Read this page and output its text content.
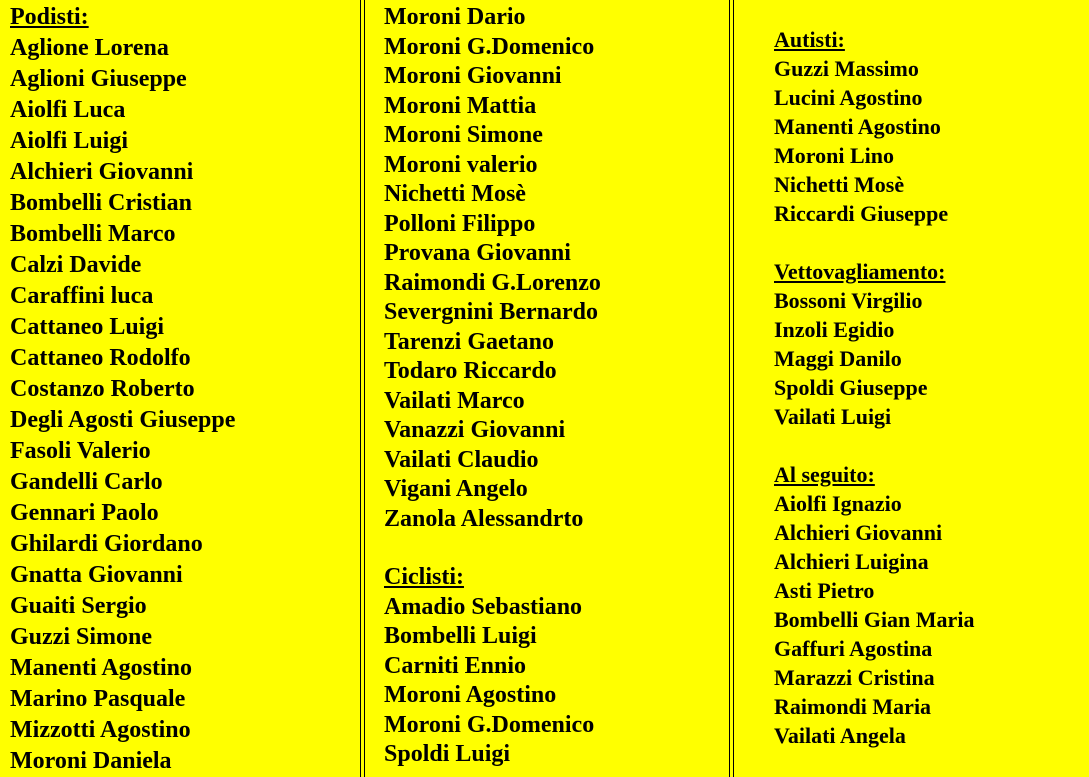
Podisti:
Aglione Lorena
Aglioni Giuseppe
Aiolfi Luca
Aiolfi Luigi
Alchieri Giovanni
Bombelli Cristian
Bombelli Marco
Calzi Davide
Caraffini luca
Cattaneo Luigi
Cattaneo Rodolfo
Costanzo Roberto
Degli Agosti Giuseppe
Fasoli Valerio
Gandelli Carlo
Gennari Paolo
Ghilardi Giordano
Gnatta Giovanni
Guaiti Sergio
Guzzi Simone
Manenti Agostino
Marino Pasquale
Mizzotti Agostino
Moroni Daniela
Moroni Dario
Moroni G.Domenico
Moroni Giovanni
Moroni Mattia
Moroni Simone
Moroni valerio
Nichetti Mosè
Polloni Filippo
Provana Giovanni
Raimondi G.Lorenzo
Severgnini Bernardo
Tarenzi Gaetano
Todaro Riccardo
Vailati Marco
Vanazzi Giovanni
Vailati Claudio
Vigani Angelo
Zanola Alessandrto
Ciclisti:
Amadio Sebastiano
Bombelli Luigi
Carniti Ennio
Moroni Agostino
Moroni G.Domenico
Spoldi Luigi
Autisti:
Guzzi Massimo
Lucini Agostino
Manenti Agostino
Moroni Lino
Nichetti Mosè
Riccardi Giuseppe
Vettovagliamento:
Bossoni Virgilio
Inzoli Egidio
Maggi Danilo
Spoldi Giuseppe
Vailati Luigi
Al seguito:
Aiolfi Ignazio
Alchieri Giovanni
Alchieri Luigina
Asti Pietro
Bombelli Gian Maria
Gaffuri Agostina
Marazzi Cristina
Raimondi Maria
Vailati Angela
